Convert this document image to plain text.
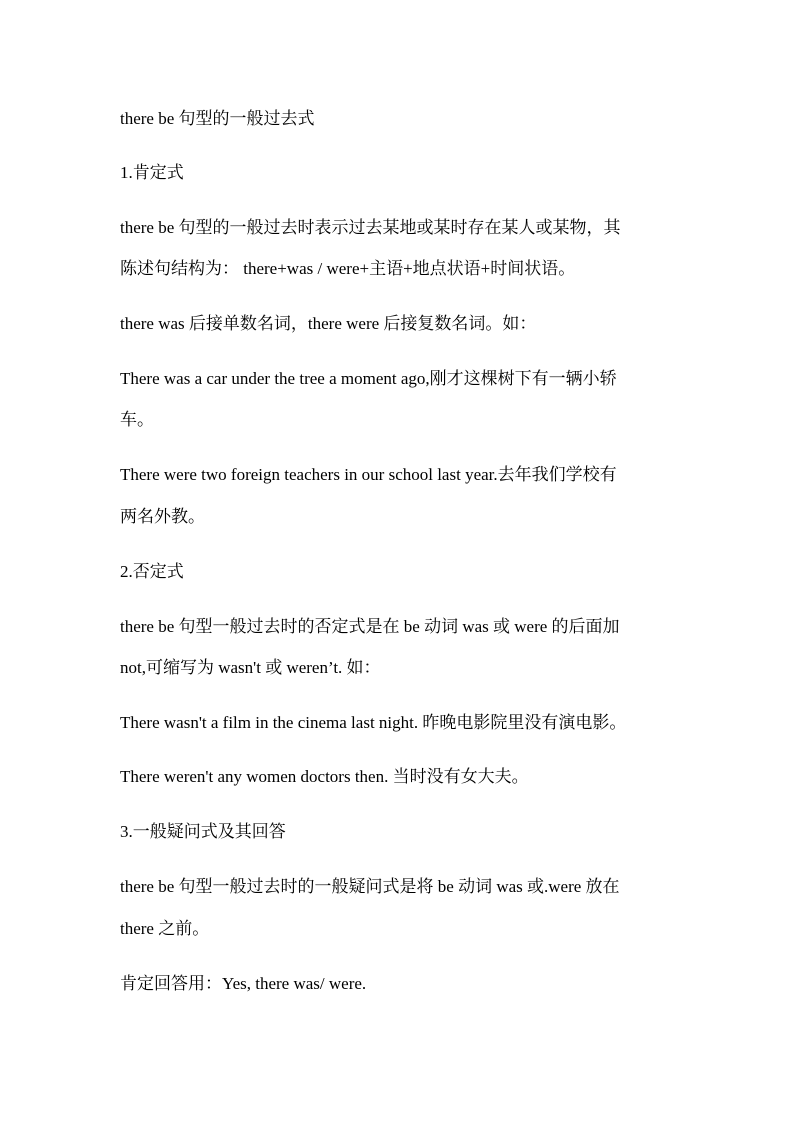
there be 句型的一般过去式
1.肯定式
there be 句型的一般过去时表示过去某地或某时存在某人或某物，其
陈述句结构为： there+was / were+主语+地点状语+时间状语。
there was 后接单数名词，there were 后接复数名词。如：
There was a car under the tree a moment ago,刚才这棵树下有一辆小轿
车。
There were two foreign teachers in our school last year.去年我们学校有
两名外教。
2.否定式
there be 句型一般过去时的否定式是在 be 动词 was 或 were 的后面加
not,可缩写为 wasn't 或 weren’t. 如：
There wasn't a film in the cinema last night. 昨晚电影院里没有演电影。
There weren't any women doctors then. 当时没有女大夫。
3.一般疑问式及其回答
there be 句型一般过去时的一般疑问式是将 be 动词 was 或.were 放在
there 之前。
肯定回答用：Yes, there was/ were.
